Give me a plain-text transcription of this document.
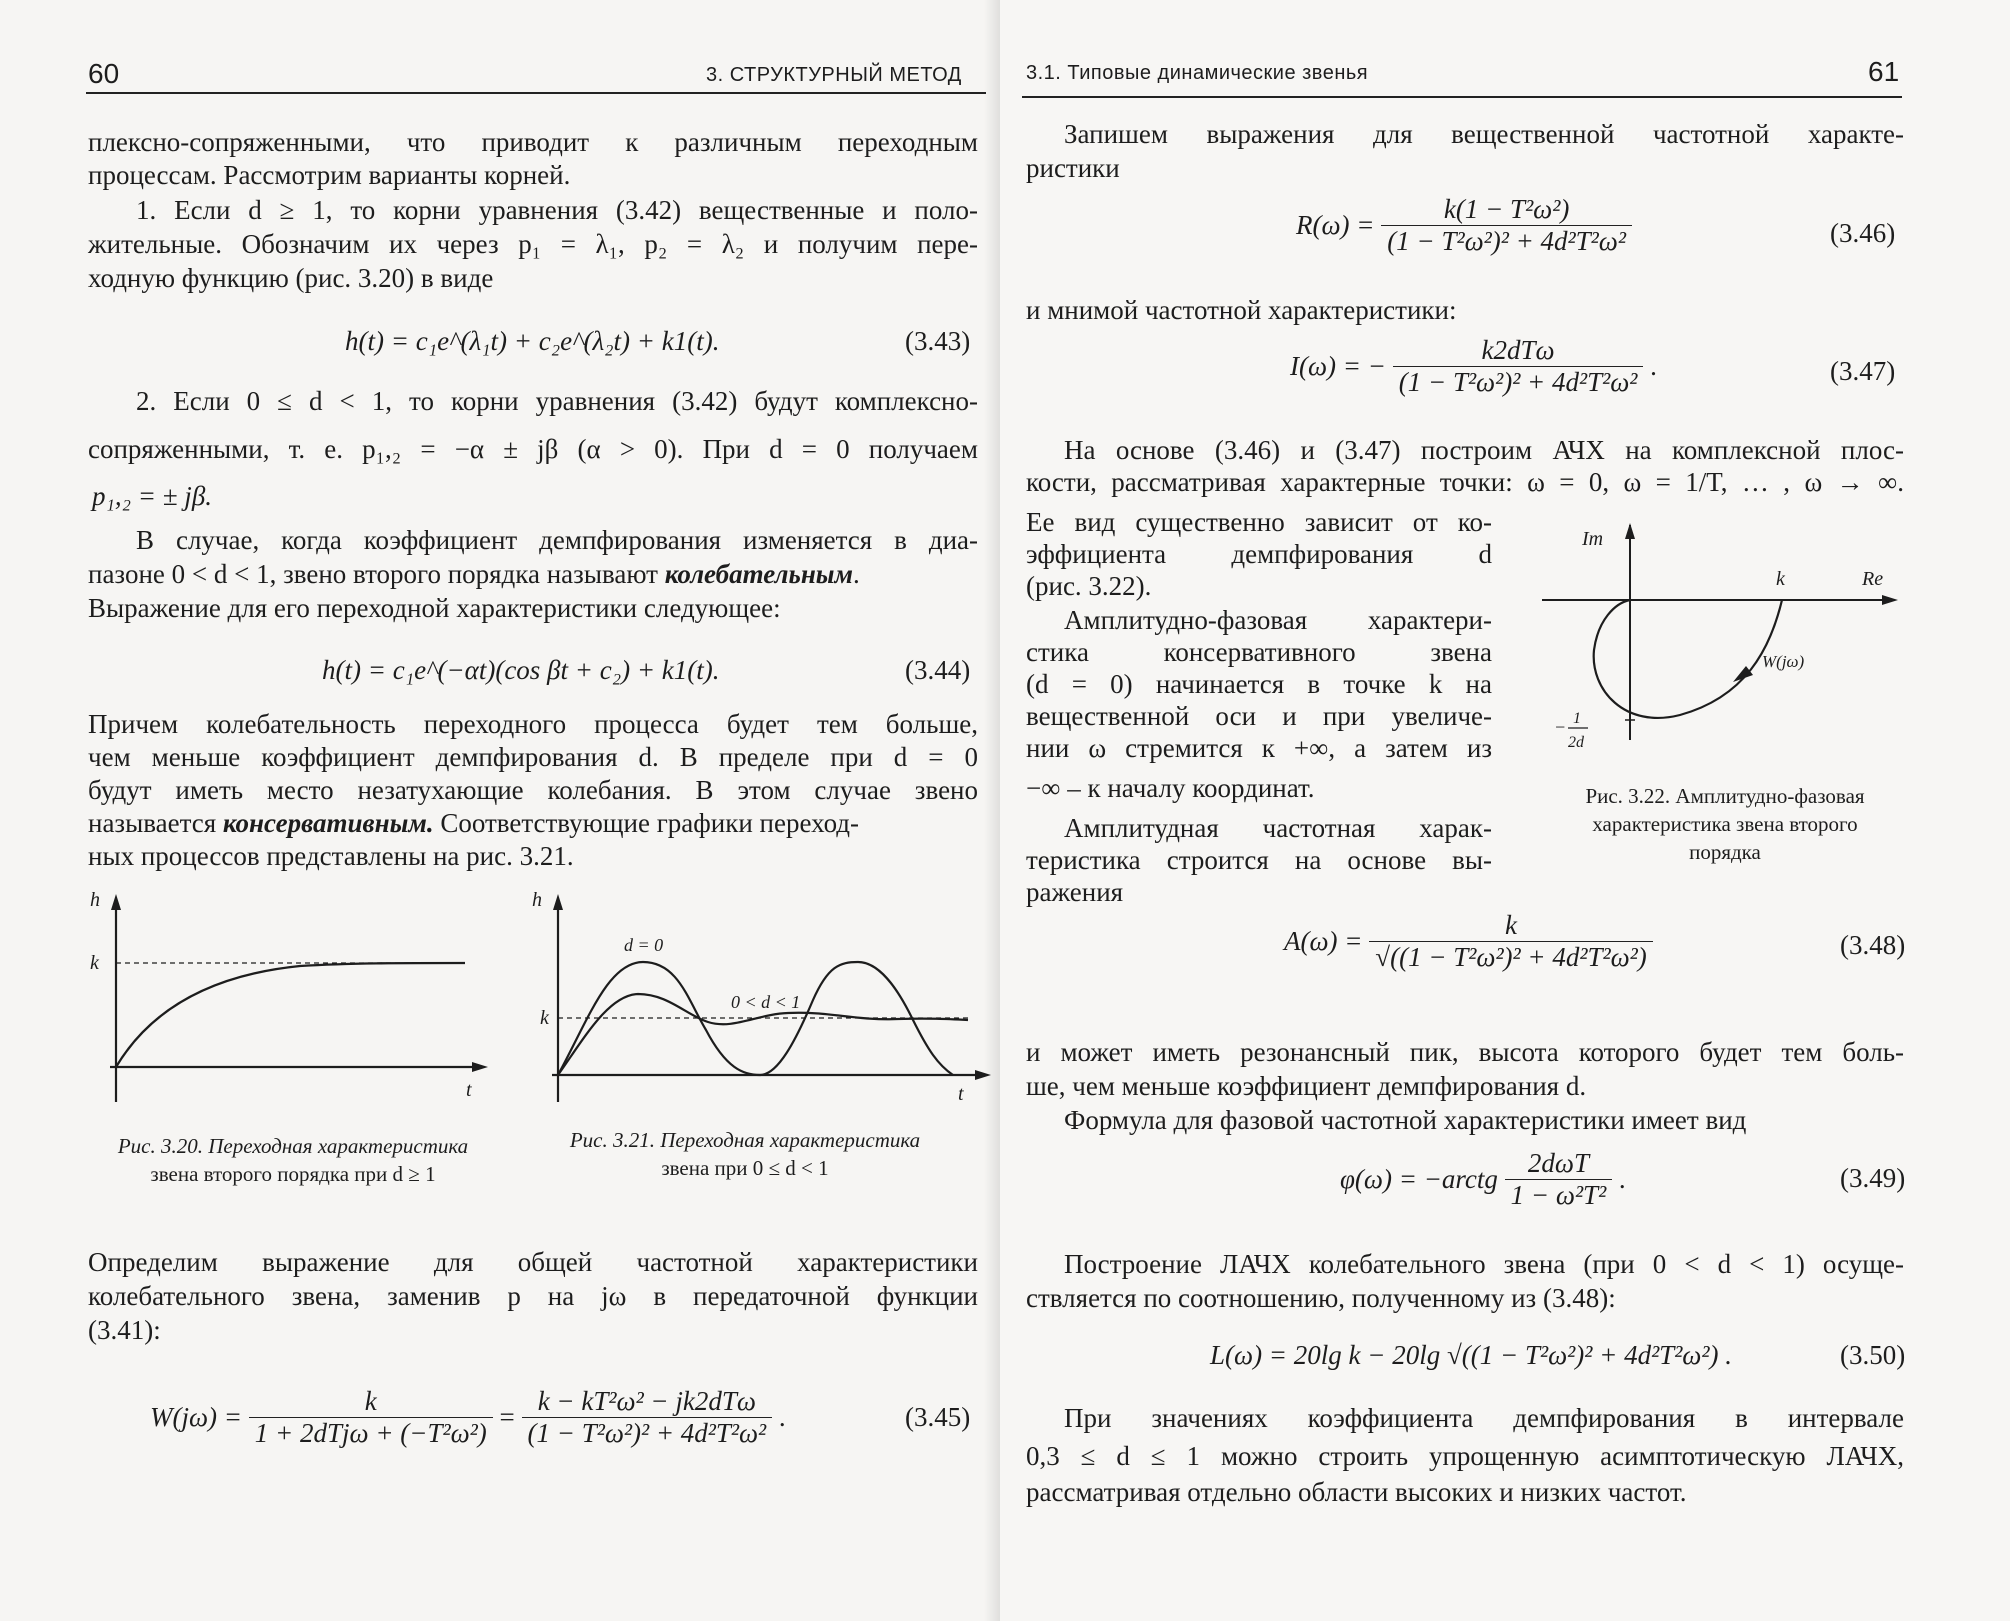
60	3. СТРУКТУРНЫЙ МЕТОД
плексно-сопряженными, что приводит к различным переходным
процессам. Рассмотрим варианты корней.
1. Если d ≥ 1, то корни уравнения (3.42) вещественные и поло-
жительные. Обозначим их через p₁ = λ₁, p₂ = λ₂ и получим пере-
ходную функцию (рис. 3.20) в виде
h(t) = c₁e^(λ₁t) + c₂e^(λ₂t) + k1(t).	(3.43)
2. Если 0 ≤ d < 1, то корни уравнения (3.42) будут комплексно-
сопряженными, т. е. p₁,₂ = −α ± jβ (α > 0). При d = 0 получаем
p₁,₂ = ± jβ.
В случае, когда коэффициент демпфирования изменяется в диа-
пазоне 0 < d < 1, звено второго порядка называют колебательным.
Выражение для его переходной характеристики следующее:
h(t) = c₁e^(−αt)(cos βt + c₂) + k1(t).	(3.44)
Причем колебательность переходного процесса будет тем больше,
чем меньше коэффициент демпфирования d. В пределе при d = 0
будут иметь место незатухающие колебания. В этом случае звено
называется консервативным. Соответствующие графики переход-
ных процессов представлены на рис. 3.21.
h
k
t
Рис. 3.20. Переходная характеристика
звена второго порядка при d ≥ 1
h
k
d = 0
0 < d < 1
t
Рис. 3.21. Переходная характеристика
звена при 0 ≤ d < 1
Определим выражение для общей частотной характеристики
колебательного звена, заменив p на jω в передаточной функции
(3.41):
$W(j\omega) = \frac{k}{\text{1 + 2dTjω + (−T²ω²)}} = \frac{\text{k − kT²ω² − jk2dTω}}{\text{(1 − T²ω²)² + 4d²T²ω²}}$ .	(3.45)
3.1. Типовые динамические звенья	61
Запишем выражения для вещественной частотной характе-
ристики
$R(\omega) = \frac{\text{k(1 − T²ω²)}}{\text{(1 − T²ω²)² + 4d²T²ω²}}$	(3.46)
и мнимой частотной характеристики:
I(ω) = − $\frac{\text{k2dTω}}{\text{(1 − T²ω²)² + 4d²T²ω²}}$ .	(3.47)
На основе (3.46) и (3.47) построим АЧХ на комплексной плос-
кости, рассматривая характерные точки: ω = 0, ω = 1/T, … , ω → ∞.
Ее вид существенно зависит от ко-
эффициента демпфирования d
(рис. 3.22).
Амплитудно-фазовая характери-
стика консервативного звена
(d = 0) начинается в точке k на
вещественной оси и при увеличе-
нии ω стремится к +∞, а затем из
−∞ – к началу координат.
Амплитудная частотная харак-
теристика строится на основе вы-
ражения
Im
Re
k
W(jω)
− 1
2d
Рис. 3.22. Амплитудно-фазовая
характеристика звена второго
порядка
$A(\omega) = \frac{k}{\text{√((1 − T²ω²)² + 4d²T²ω²)}}$	(3.48)
и может иметь резонансный пик, высота которого будет тем боль-
ше, чем меньше коэффициент демпфирования d.
Формула для фазовой частотной характеристики имеет вид
φ(ω) = −arctg $\frac{\text{2dωT}}{\text{1 − ω²T²}}$ .	(3.49)
Построение ЛАЧХ колебательного звена (при 0 < d < 1) осуще-
ствляется по соотношению, полученному из (3.48):
L(ω) = 20lg k − 20lg √((1 − T²ω²)² + 4d²T²ω²) .	(3.50)
При значениях коэффициента демпфирования в интервале
0,3 ≤ d ≤ 1 можно строить упрощенную асимптотическую ЛАЧХ,
рассматривая отдельно области высоких и низких частот.
